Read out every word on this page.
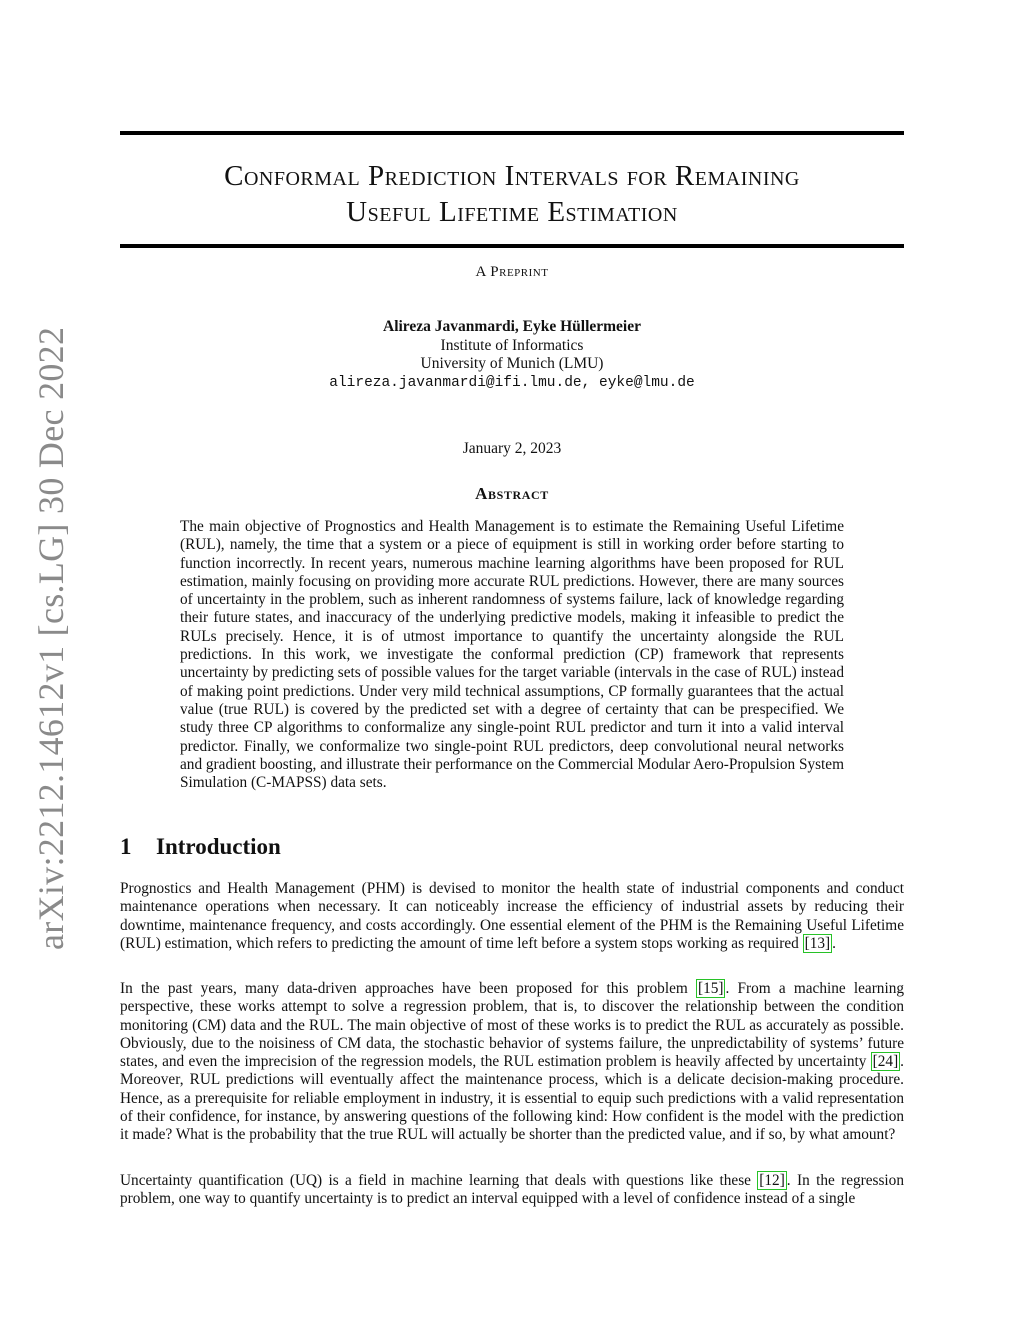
arXiv:2212.14612v1 [cs.LG] 30 Dec 2022
Conformal Prediction Intervals for Remaining
Useful Lifetime Estimation
A Preprint
Alireza Javanmardi, Eyke Hüllermeier
Institute of Informatics
University of Munich (LMU)
alireza.javanmardi@ifi.lmu.de, eyke@lmu.de
January 2, 2023
Abstract
The main objective of Prognostics and Health Management is to estimate the Remaining Useful Lifetime (RUL), namely, the time that a system or a piece of equipment is still in working order before starting to function incorrectly. In recent years, numerous machine learning algorithms have been proposed for RUL estimation, mainly focusing on providing more accurate RUL predictions. However, there are many sources of uncertainty in the problem, such as inherent randomness of systems failure, lack of knowledge regarding their future states, and inaccuracy of the underlying predictive models, making it infeasible to predict the RULs precisely. Hence, it is of utmost importance to quantify the uncertainty alongside the RUL predictions. In this work, we investigate the conformal prediction (CP) framework that represents uncertainty by predicting sets of possible values for the target variable (intervals in the case of RUL) instead of making point predictions. Under very mild technical assumptions, CP formally guarantees that the actual value (true RUL) is covered by the predicted set with a degree of certainty that can be prespecified. We study three CP algorithms to conformalize any single-point RUL predictor and turn it into a valid interval predictor. Finally, we conformalize two single-point RUL predictors, deep convolutional neural networks and gradient boosting, and illustrate their performance on the Commercial Modular Aero-Propulsion System Simulation (C-MAPSS) data sets.
1 Introduction
Prognostics and Health Management (PHM) is devised to monitor the health state of industrial components and conduct maintenance operations when necessary. It can noticeably increase the efficiency of industrial assets by reducing their downtime, maintenance frequency, and costs accordingly. One essential element of the PHM is the Remaining Useful Lifetime (RUL) estimation, which refers to predicting the amount of time left before a system stops working as required [13] .
In the past years, many data-driven approaches have been proposed for this problem [15] . From a machine learning perspective, these works attempt to solve a regression problem, that is, to discover the relationship between the condition monitoring (CM) data and the RUL. The main objective of most of these works is to predict the RUL as accurately as possible. Obviously, due to the noisiness of CM data, the stochastic behavior of systems failure, the unpredictability of systems’ future states, and even the imprecision of the regression models, the RUL estimation problem is heavily affected by uncertainty [24] . Moreover, RUL predictions will eventually affect the maintenance process, which is a delicate decision-making procedure. Hence, as a prerequisite for reliable employment in industry, it is essential to equip such predictions with a valid representation of their confidence, for instance, by answering questions of the following kind: How confident is the model with the prediction it made? What is the probability that the true RUL will actually be shorter than the predicted value, and if so, by what amount?
Uncertainty quantification (UQ) is a field in machine learning that deals with questions like these [12] . In the regression problem, one way to quantify uncertainty is to predict an interval equipped with a level of confidence instead of a single
